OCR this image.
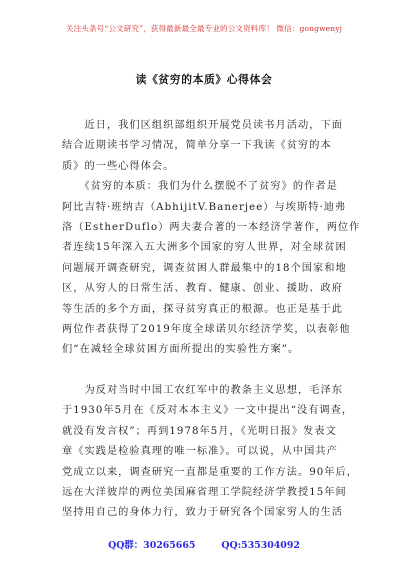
关注头条号“公文研究”，获得最新最全最专业的公文资料库！ 微信：gongwenyj
读《贫穷的本质》心得体会
　　近日，我们区组织部组织开展党员读书月活动，下面
结合近期读书学习情况，简单分享一下我读《贫穷的本
质》的一些心得体会。
　　《贫穷的本质：我们为什么摆脱不了贫穷》的作者是
阿比吉特·班纳吉（AbhijitV.Banerjee）与埃斯特·迪弗
洛（EstherDuflo）两夫妻合著的一本经济学著作，两位作
者连续15年深入五大洲多个国家的穷人世界，对全球贫困
问题展开调查研究，调查贫困人群最集中的18个国家和地
区，从穷人的日常生活、教育、健康、创业、援助、政府
等生活的多个方面，探寻贫穷真正的根源。也正是基于此
两位作者获得了2019年度全球诺贝尔经济学奖，以表彰他
们“在减轻全球贫困方面所提出的实验性方案”。
　　为反对当时中国工农红军中的教条主义思想，毛泽东
于1930年5月在《反对本本主义》一文中提出“没有调查，
就没有发言权”；再到1978年5月，《光明日报》发表文
章《实践是检验真理的唯一标准》。可以说，从中国共产
党成立以来，调查研究一直都是重要的工作方法。90年后，
远在大洋彼岸的两位美国麻省理工学院经济学教授15年间
坚持用自己的身体力行，致力于研究各个国家穷人的生活
QQ群：30265665	QQ:535304092
